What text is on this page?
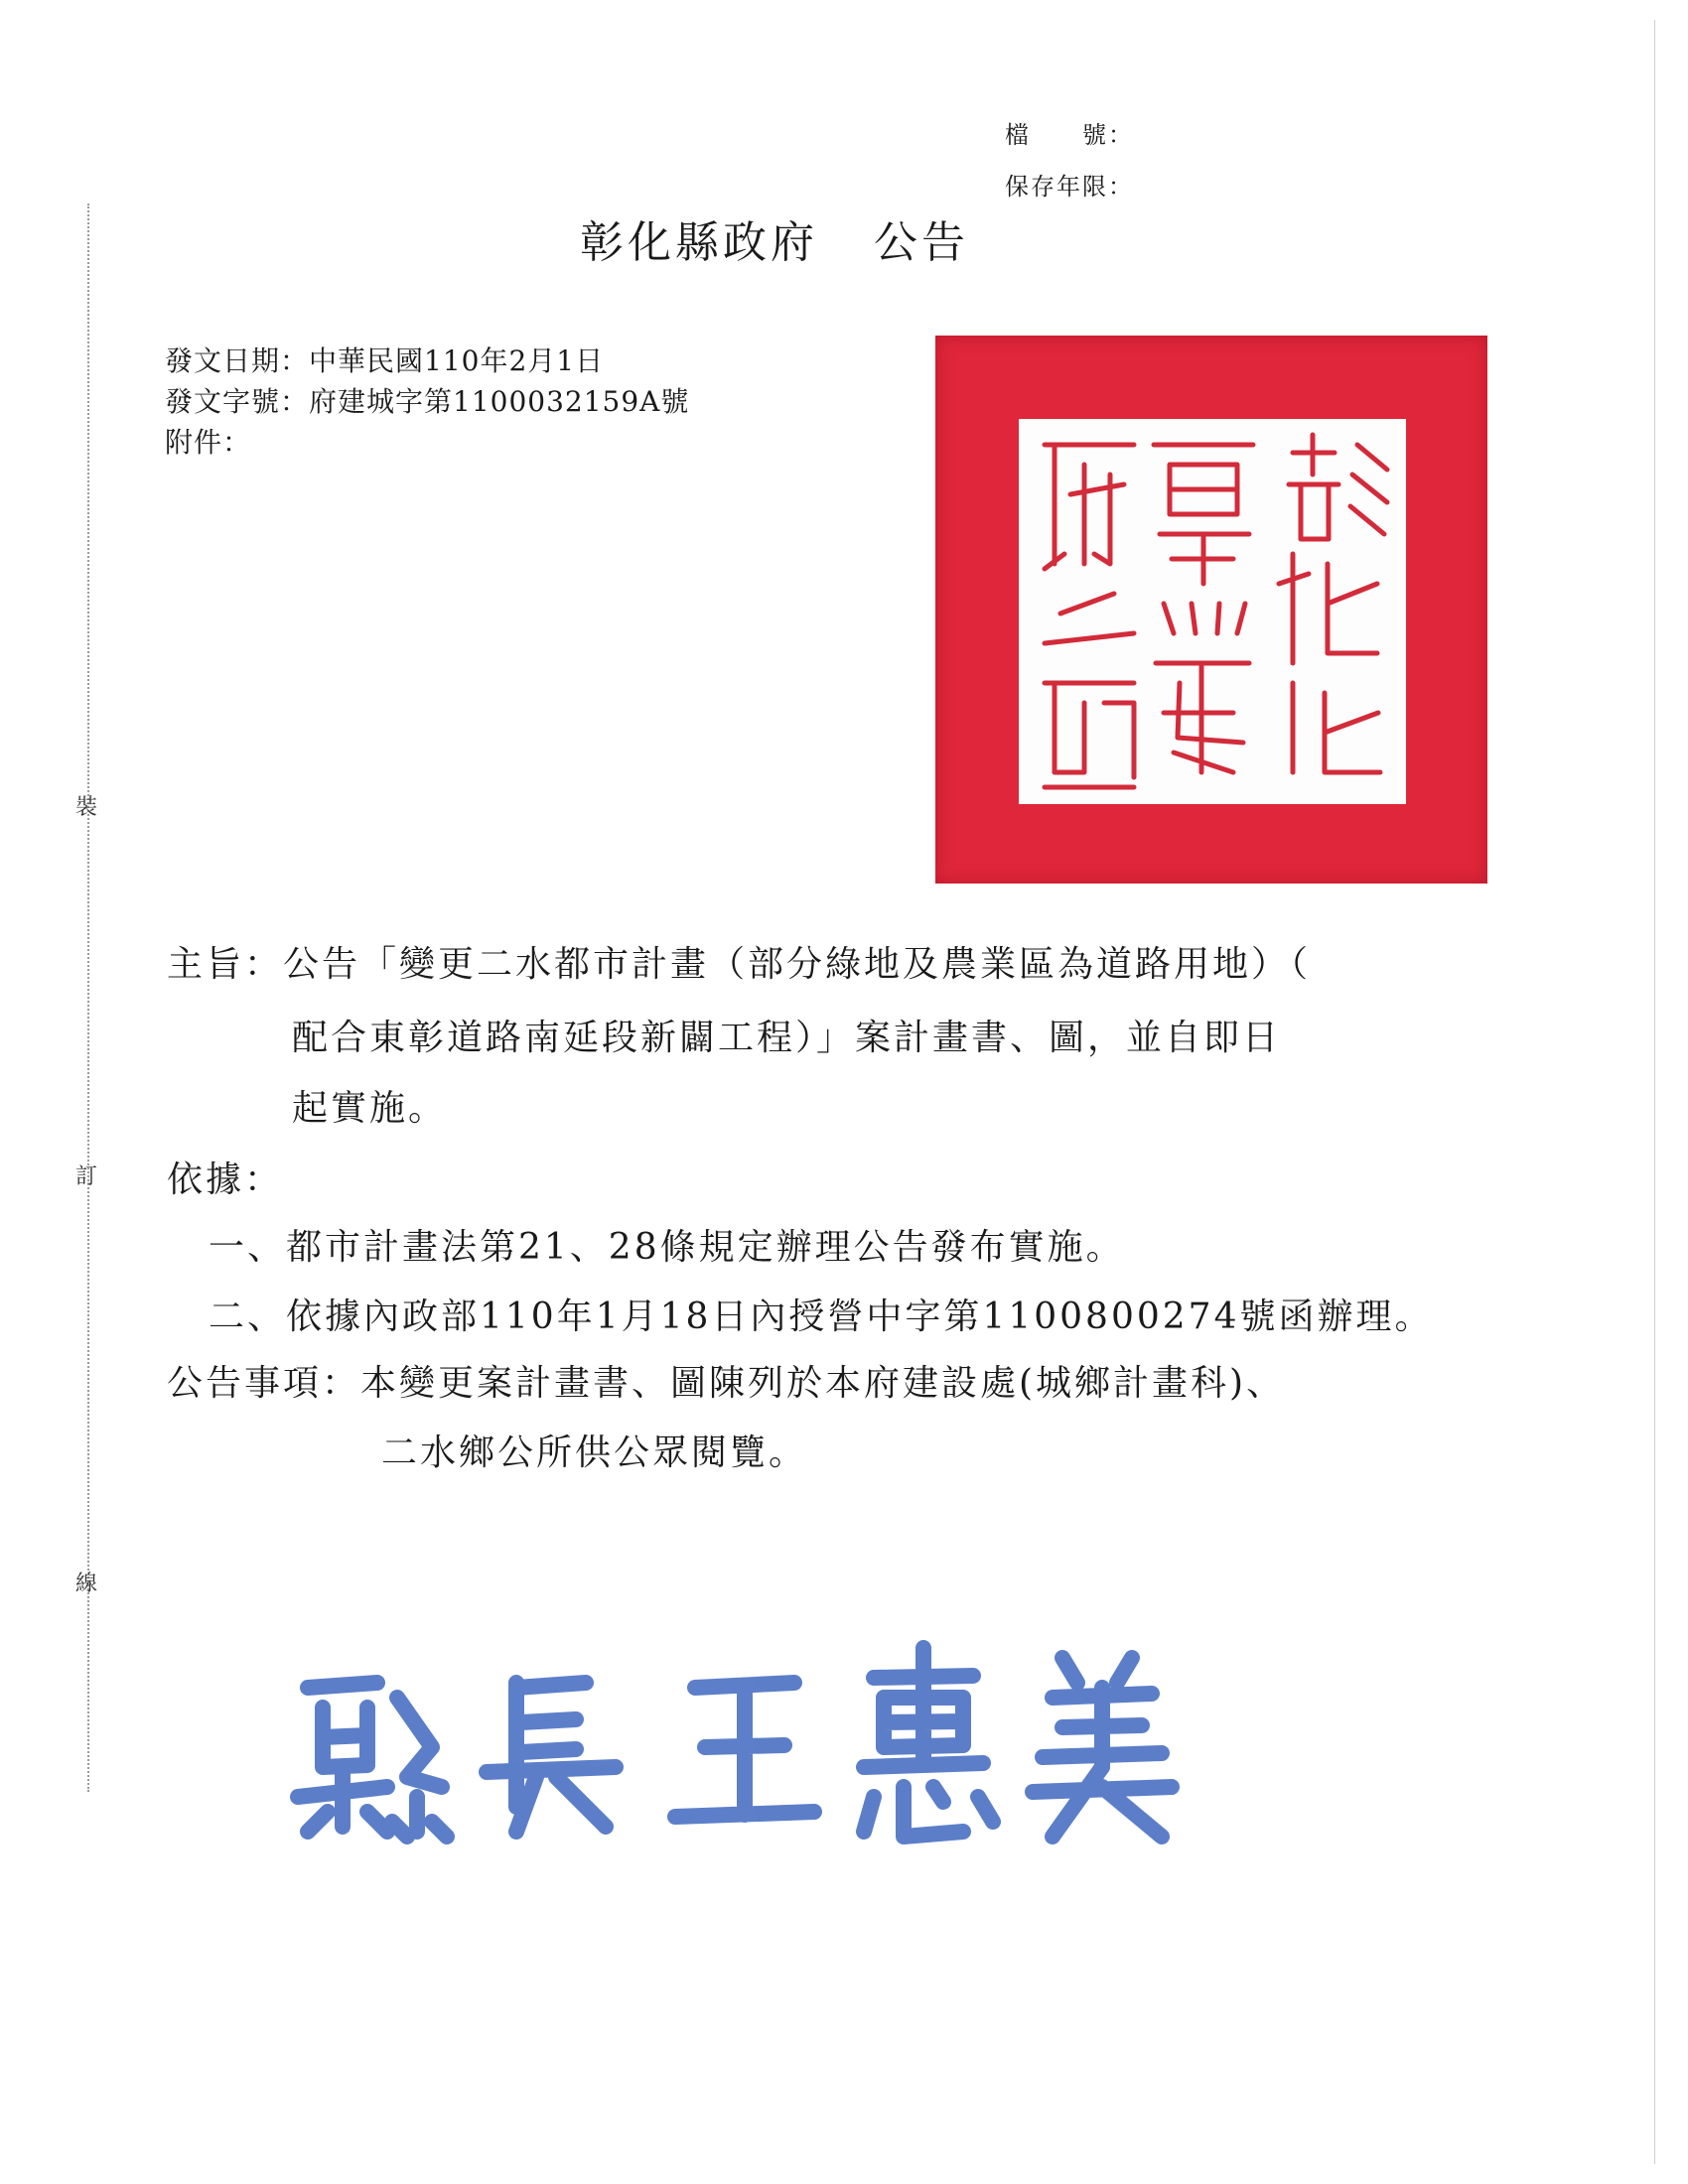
裝
訂
線
檔　　號：
保存年限：
彰化縣政府 公告
發文日期：中華民國110年2月1日
發文字號：府建城字第1100032159A號
附件：
主旨：公告「變更二水都市計畫（部分綠地及農業區為道路用地）（
配合東彰道路南延段新闢工程）」案計畫書、圖，並自即日
起實施。
依據：
一、都市計畫法第21、28條規定辦理公告發布實施。
二、依據內政部110年1月18日內授營中字第1100800274號函辦理。
公告事項：本變更案計畫書、圖陳列於本府建設處(城鄉計畫科)、
二水鄉公所供公眾閱覽。
